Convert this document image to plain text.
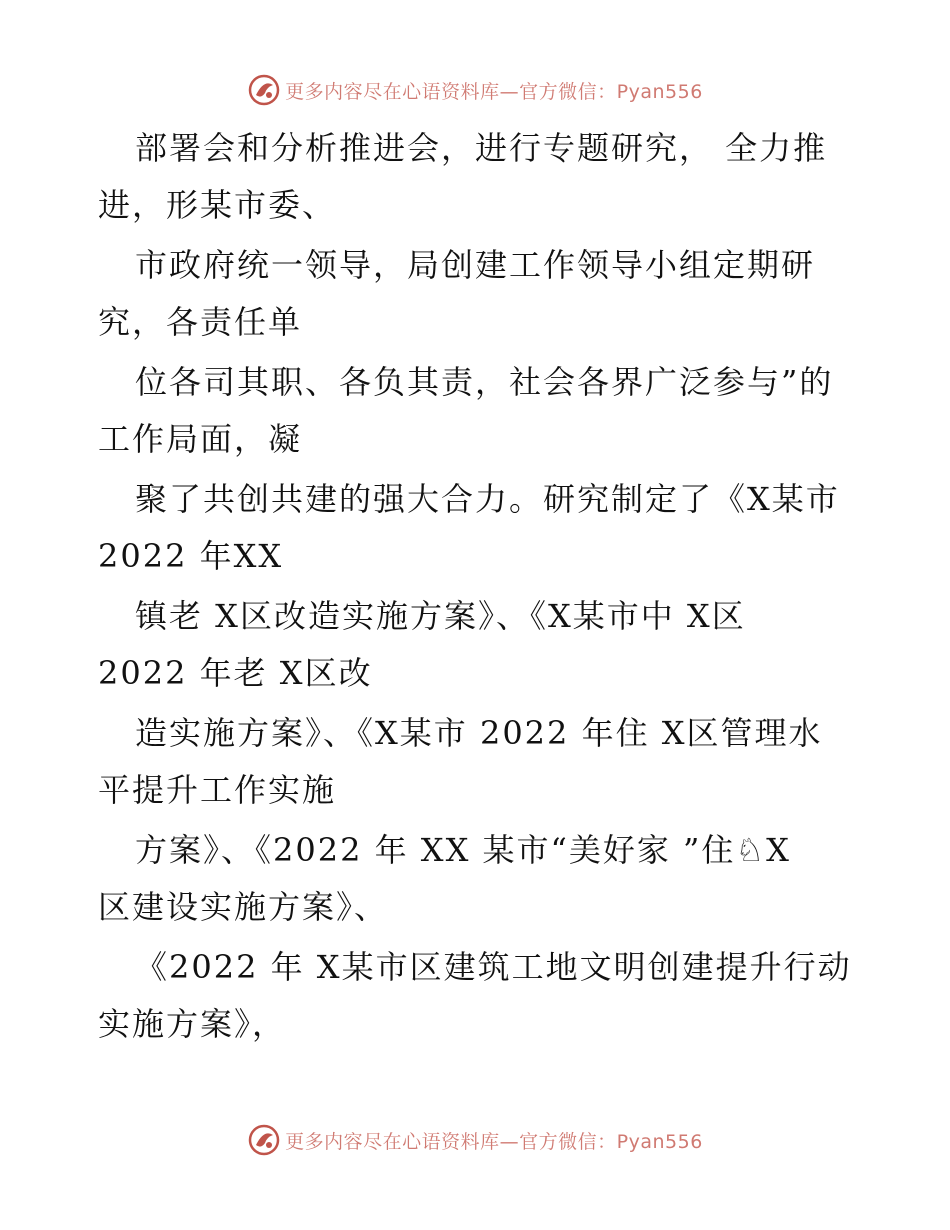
更多内容尽在心语资料库—官方微信：Pyan556
部署会和分析推进会，进行专题研究， 全力推
进，形某市委、
市政府统一领导，局创建工作领导小组定期研
究，各责任单
位各司其职、各负其责，社会各界广泛参与”的
工作局面，凝
聚了共创共建的强大合力。研究制定了《X某市
2022 年XX
镇老 X区改造实施方案》、《X某市中 X区
2022 年老 X区改
造实施方案》、《X某市 2022 年住 X区管理水
平提升工作实施
方案》、《2022 年 XX 某市“美好家 ”住♘X
区建设实施方案》、
《2022 年 X某市区建筑工地文明创建提升行动
实施方案》，
更多内容尽在心语资料库—官方微信：Pyan556
